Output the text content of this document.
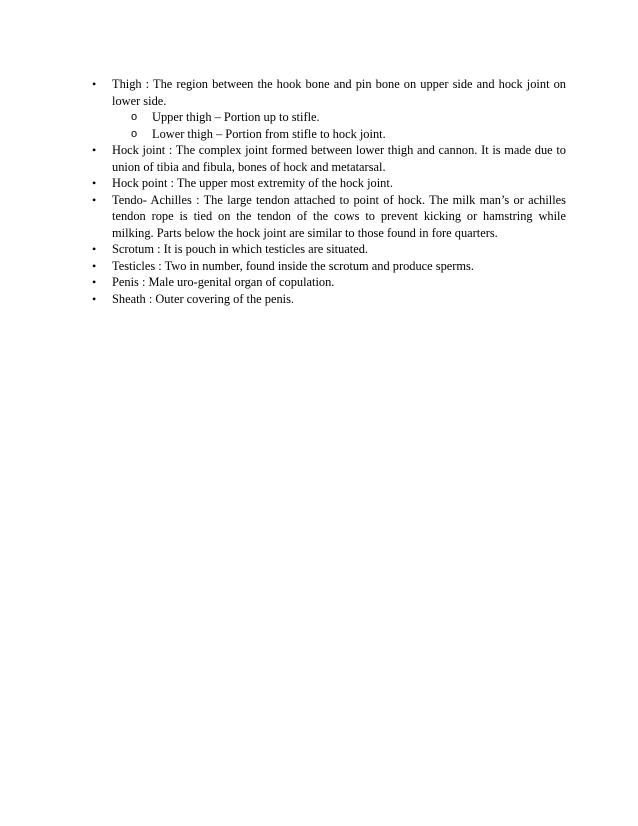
•	Thigh : The region between the hook bone and pin bone on upper side and hock joint on lower side.
o Upper thigh – Portion up to stifle.
o Lower thigh – Portion from stifle to hock joint.
•	Hock joint : The complex joint formed between lower thigh and cannon. It is made due to union of tibia and fibula, bones of hock and metatarsal.
•	Hock point : The upper most extremity of the hock joint.
•	Tendo- Achilles : The large tendon attached to point of hock. The milk man’s or achilles tendon rope is tied on the tendon of the cows to prevent kicking or hamstring while milking. Parts below the hock joint are similar to those found in fore quarters.
•	Scrotum : It is pouch in which testicles are situated.
•	Testicles : Two in number, found inside the scrotum and produce sperms.
•	Penis : Male uro-genital organ of copulation.
•	Sheath : Outer covering of the penis.
